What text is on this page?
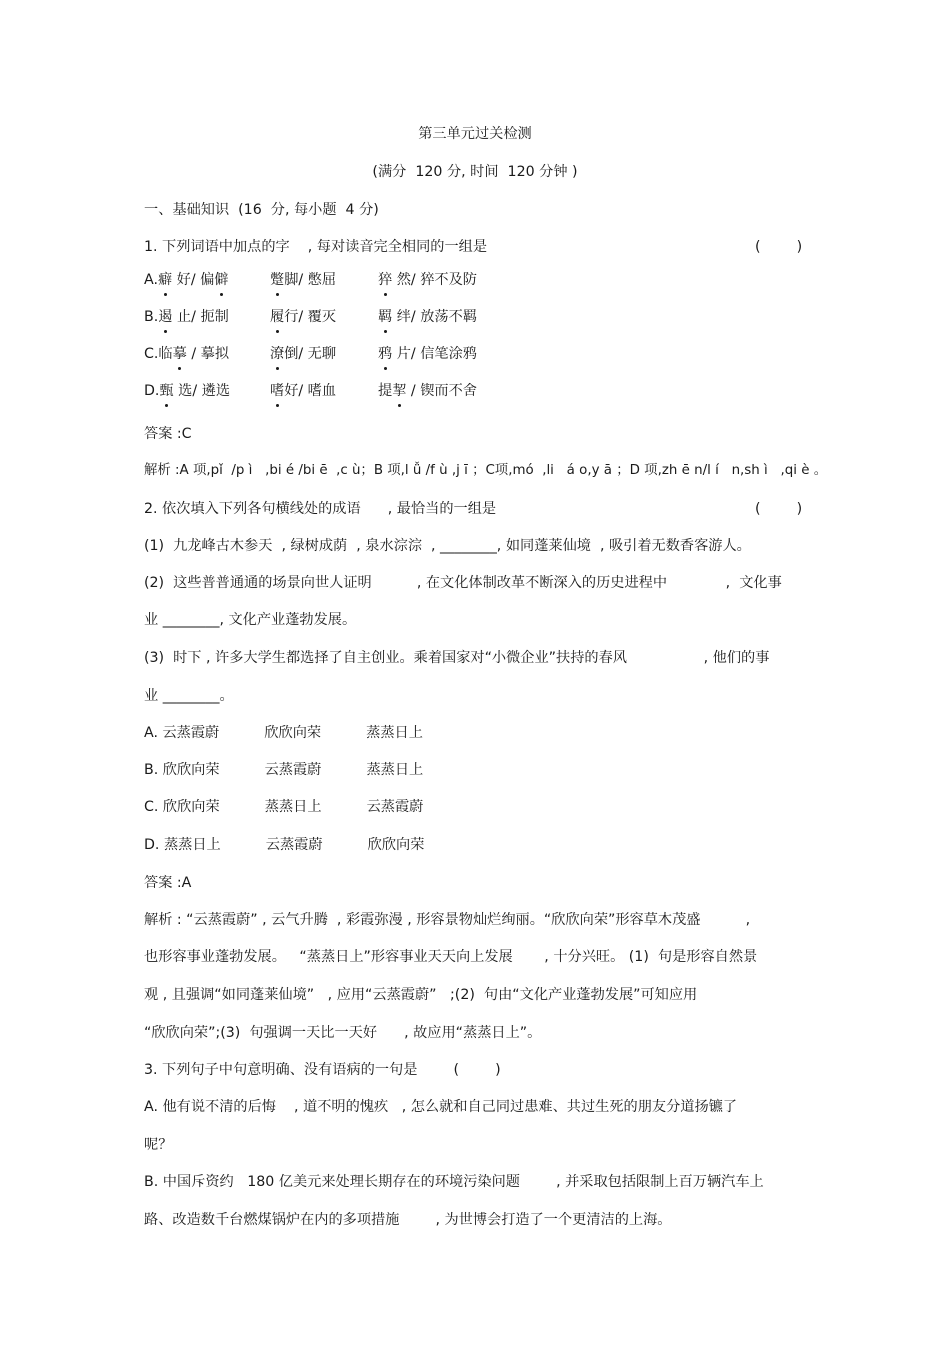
第三单元过关检测
(满分  120 分, 时间  120 分钟 )
一、基础知识  (16  分, 每小题  4 分)
1. 下列词语中加点的字    , 每对读音完全相同的一组是	(        )
A.癖 好/ 偏僻	蹩脚/ 憋屈	猝 然/ 猝不及防
B.遏 止/ 扼制	履行/ 覆灭	羁 绊/ 放荡不羁
C.临摹 / 摹拟	潦倒/ 无聊	鸦 片/ 信笔涂鸦
D.甄 选/ 遴选	嗜好/ 嗜血	提挈 / 锲而不舍
答案 :C
解析 :A 项,pǐ  /p ì   ,bi é /bi ē  ,c ù；B 项,l ǚ /f ù ,j ī ；C项,mó  ,li   á o,y ā ；D 项,zh ē n/l í   n,sh ì   ,qi è 。
2. 依次填入下列各句横线处的成语      , 最恰当的一组是	(        )
(1)  九龙峰古木参天  , 绿树成荫  , 泉水淙淙  , ________, 如同蓬莱仙境  , 吸引着无数香客游人。
(2)  这些普普通通的场景向世人证明          , 在文化体制改革不断深入的历史进程中             ,  文化事
业 ________, 文化产业蓬勃发展。
(3)  时下 , 许多大学生都选择了自主创业。乘着国家对“小微企业”扶持的春风                 , 他们的事
业 ________。
A. 云蒸霞蔚          欣欣向荣          蒸蒸日上
B. 欣欣向荣          云蒸霞蔚          蒸蒸日上
C. 欣欣向荣          蒸蒸日上          云蒸霞蔚
D. 蒸蒸日上          云蒸霞蔚          欣欣向荣
答案 :A
解析 : “云蒸霞蔚” , 云气升腾  , 彩霞弥漫 , 形容景物灿烂绚丽。“欣欣向荣”形容草木茂盛          ,
也形容事业蓬勃发展。   “蒸蒸日上”形容事业天天向上发展       , 十分兴旺。 (1)  句是形容自然景
观 , 且强调“如同蓬莱仙境”   , 应用“云蒸霞蔚”   ;(2)  句由“文化产业蓬勃发展”可知应用
“欣欣向荣”;(3)  句强调一天比一天好      , 故应用“蒸蒸日上”。
3. 下列句子中句意明确、没有语病的一句是        (        )
A. 他有说不清的后悔    , 道不明的愧疚   , 怎么就和自己同过患难、共过生死的朋友分道扬镳了
呢？
B. 中国斥资约   180 亿美元来处理长期存在的环境污染问题        , 并采取包括限制上百万辆汽车上
路、改造数千台燃煤锅炉在内的多项措施        , 为世博会打造了一个更清洁的上海。
